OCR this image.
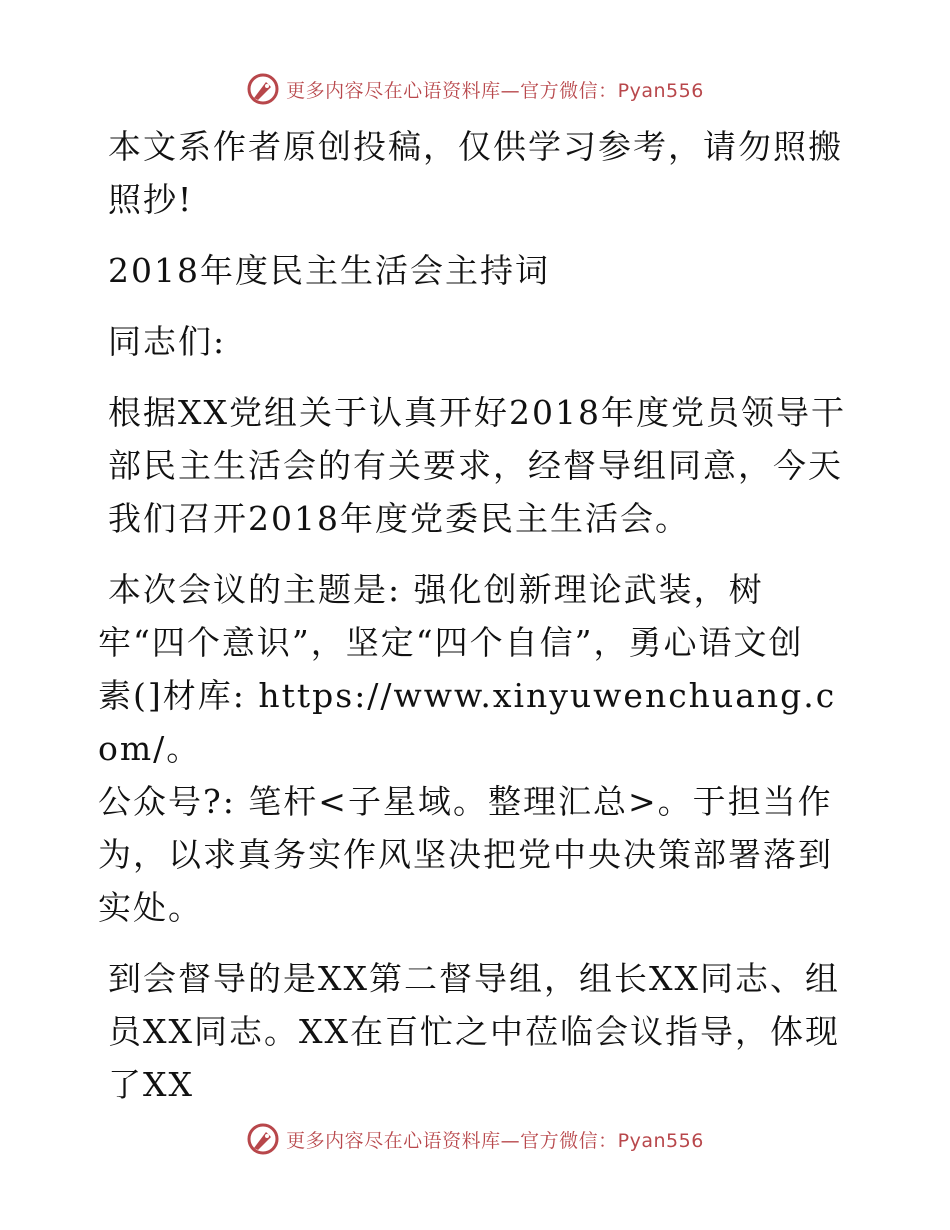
更多内容尽在心语资料库—官方微信：Pyan556

本文系作者原创投稿，仅供学习参考，请勿照搬照抄!

2018年度民主生活会主持词

同志们:

根据XX党组关于认真开好2018年度党员领导干部民主生活会的有关要求，经督导组同意，今天我们召开2018年度党委民主生活会。

本次会议的主题是: 强化创新理论武装，树
牢“四个意识”，坚定“四个自信”，勇心语文创
素(]材库: https://www.xinyuwenchuang.com/。
公众号?: 笔杆<子星域。整理汇总>。于担当作
为，以求真务实作风坚决把党中央决策部署落到实处。

到会督导的是XX第二督导组，组长XX同志、组员XX同志。XX在百忙之中莅临会议指导，体现了XX

更多内容尽在心语资料库—官方微信：Pyan556
